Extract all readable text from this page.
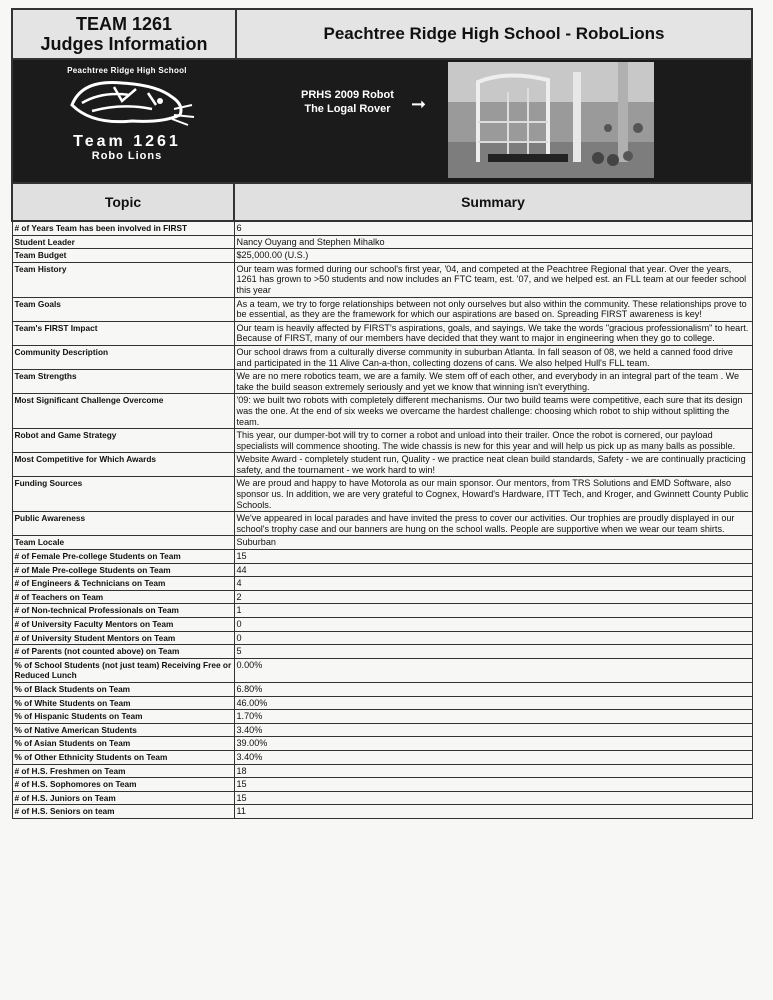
TEAM 1261
Judges Information
Peachtree Ridge High School - RoboLions
Peachtree Ridge High School
Team 1261
Robo Lions
PRHS 2009 Robot
The Logal Rover ➞
Topic	Summary
# of Years Team has been involved in FIRST	6
Student Leader	Nancy Ouyang and Stephen Mihalko
Team Budget	$25,000.00 (U.S.)
Team History	Our team was formed during our school's first year, '04, and competed at the Peachtree Regional that year. Over the years, 1261 has grown to >50 students and now includes an FTC team, est. '07, and we helped est. an FLL team at our feeder school this year
Team Goals	As a team, we try to forge relationships between not only ourselves but also within the community. These relationships prove to be essential, as they are the framework for which our aspirations are based on. Spreading FIRST awareness is key!
Team's FIRST Impact	Our team is heavily affected by FIRST's aspirations, goals, and sayings. We take the words "gracious professionalism" to heart. Because of FIRST, many of our members have decided that they want to major in engineering when they go to college.
Community Description	Our school draws from a culturally diverse community in suburban Atlanta. In fall season of 08, we held a canned food drive and participated in the 11 Alive Can-a-thon, collecting dozens of cans. We also helped Hull's FLL team.
Team Strengths	We are no mere robotics team, we are a family. We stem off of each other, and everybody in an integral part of the team . We take the build season extremely seriously and yet we know that winning isn't everything.
Most Significant Challenge Overcome	'09: we built two robots with completely different mechanisms. Our two build teams were competitive, each sure that its design was the one. At the end of six weeks we overcame the hardest challenge: choosing which robot to ship without splitting the team.
Robot and Game Strategy	This year, our dumper-bot will try to corner a robot and unload into their trailer. Once the robot is cornered, our payload specialists will commence shooting. The wide chassis is new for this year and will help us pick up as many balls as possible.
Most Competitive for Which Awards	Website Award - completely student run, Quality - we practice neat clean build standards, Safety - we are continually practicing safety, and the tournament - we work hard to win!
Funding Sources	We are proud and happy to have Motorola as our main sponsor. Our mentors, from TRS Solutions and EMD Software, also sponsor us. In addition, we are very grateful to Cognex, Howard's Hardware, ITT Tech, and Kroger, and Gwinnett County Public Schools.
Public Awareness	We've appeared in local parades and have invited the press to cover our activities. Our trophies are proudly displayed in our school's trophy case and our banners are hung on the school walls. People are supportive when we wear our team shirts.
Team Locale	Suburban
# of Female Pre-college Students on Team	15
# of Male Pre-college Students on Team	44
# of Engineers & Technicians on Team	4
# of Teachers on Team	2
# of Non-technical Professionals on Team	1
# of University Faculty Mentors on Team	0
# of University Student Mentors on Team	0
# of Parents (not counted above) on Team	5
% of School Students (not just team) Receiving Free or Reduced Lunch	0.00%
% of Black Students on Team	6.80%
% of White Students on Team	46.00%
% of Hispanic Students on Team	1.70%
% of Native American Students	3.40%
% of Asian Students on Team	39.00%
% of Other Ethnicity Students on Team	3.40%
# of H.S. Freshmen on Team	18
# of H.S. Sophomores on Team	15
# of H.S. Juniors on Team	15
# of H.S. Seniors on team	11
